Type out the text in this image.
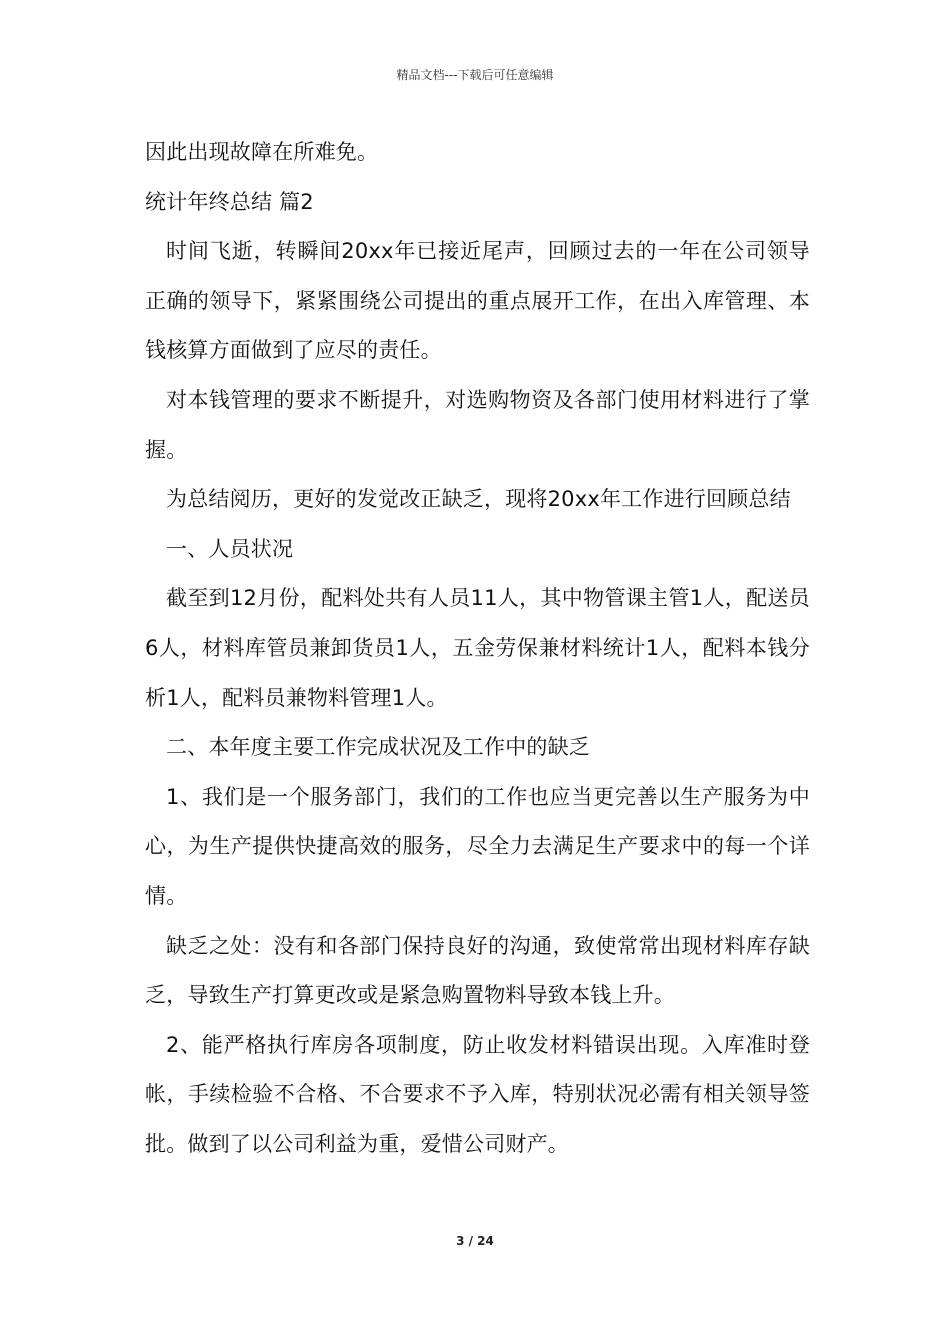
精品文档---下载后可任意编辑

因此出现故障在所难免。

统计年终总结 篇2

时间飞逝，转瞬间20xx年已接近尾声，回顾过去的一年在公司领导正确的领导下，紧紧围绕公司提出的重点展开工作，在出入库管理、本钱核算方面做到了应尽的责任。

对本钱管理的要求不断提升，对选购物资及各部门使用材料进行了掌握。

为总结阅历，更好的发觉改正缺乏，现将20xx年工作进行回顾总结

一、人员状况

截至到12月份，配料处共有人员11人，其中物管课主管1人，配送员6人，材料库管员兼卸货员1人，五金劳保兼材料统计1人，配料本钱分析1人，配料员兼物料管理1人。

二、本年度主要工作完成状况及工作中的缺乏

1、我们是一个服务部门，我们的工作也应当更完善以生产服务为中心，为生产提供快捷高效的服务，尽全力去满足生产要求中的每一个详情。

缺乏之处：没有和各部门保持良好的沟通，致使常常出现材料库存缺乏，导致生产打算更改或是紧急购置物料导致本钱上升。

2、能严格执行库房各项制度，防止收发材料错误出现。入库准时登帐，手续检验不合格、不合要求不予入库，特别状况必需有相关领导签批。做到了以公司利益为重，爱惜公司财产。

3 / 24
